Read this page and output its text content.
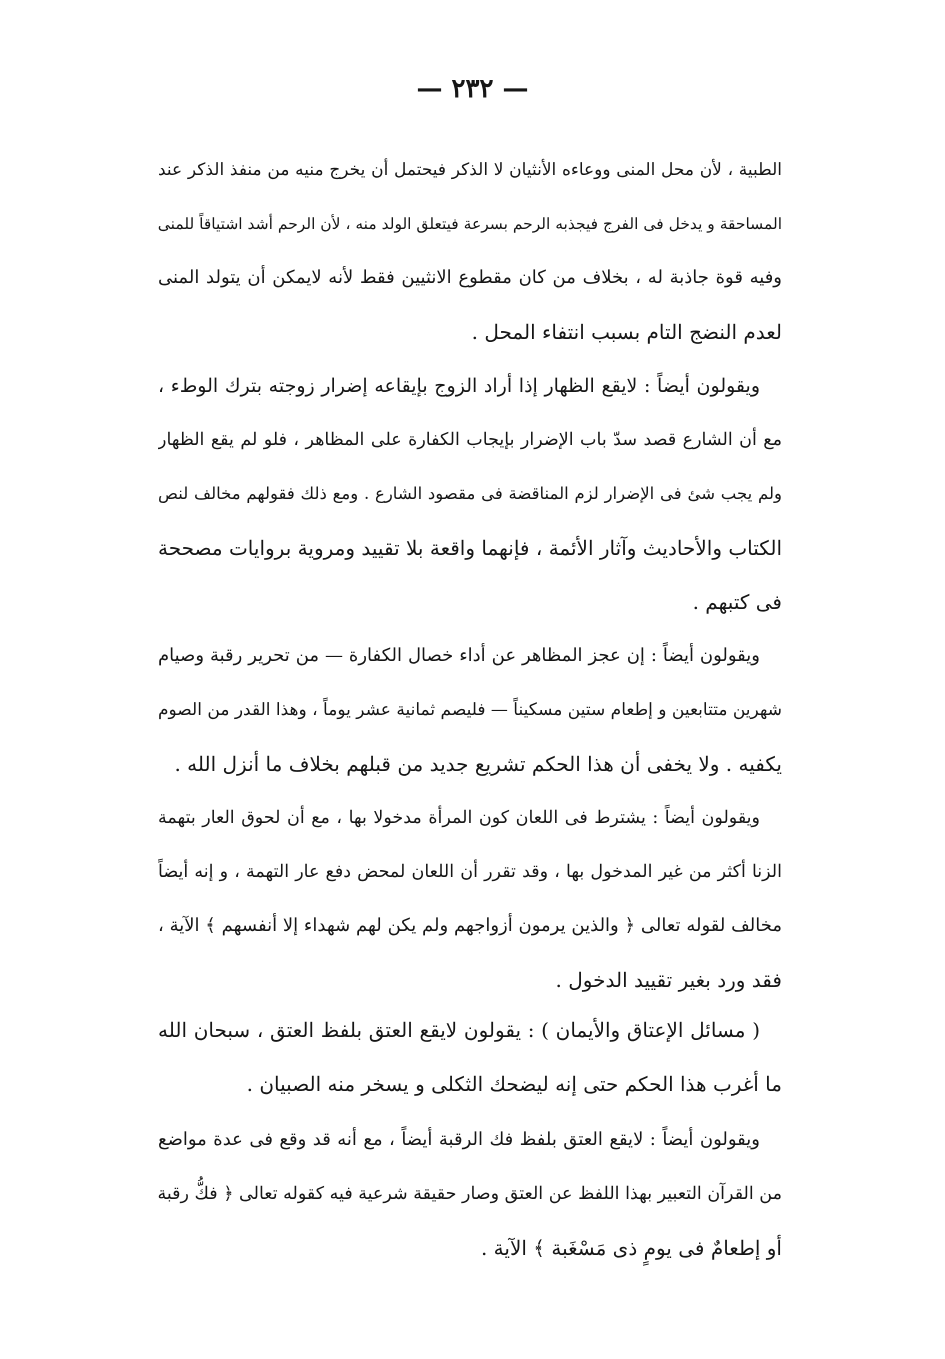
— ٢٣٢ —
الطبية ، لأن محل المنى ووعاءه الأنثيان لا الذكر فيحتمل أن يخرج منيه من منفذ الذكر عند
المساحقة و يدخل فى الفرج فيجذبه الرحم بسرعة فيتعلق الولد منه ، لأن الرحم أشد اشتياقاً للمنى
وفيه قوة جاذبة له ، بخلاف من كان مقطوع الانثيين فقط لأنه لايمكن أن يتولد المنى
لعدم النضج التام بسبب انتفاء المحل .
ويقولون أيضاً : لايقع الظهار إذا أراد الزوج بإيقاعه إضرار زوجته بترك الوطء ،
مع أن الشارع قصد سدّ باب الإضرار بإيجاب الكفارة على المظاهر ، فلو لم يقع الظهار
ولم يجب شئ فى الإضرار لزم المناقضة فى مقصود الشارع . ومع ذلك فقولهم مخالف لنص
الكتاب والأحاديث وآثار الأئمة ، فإنهما واقعة بلا تقييد ومروية بروايات مصححة
فى كتبهم .
ويقولون أيضاً : إن عجز المظاهر عن أداء خصال الكفارة — من تحرير رقبة وصيام
شهرين متتابعين و إطعام ستين مسكيناً — فليصم ثمانية عشر يوماً ، وهذا القدر من الصوم
يكفيه . ولا يخفى أن هذا الحكم تشريع جديد من قبلهم بخلاف ما أنزل الله .
ويقولون أيضاً : يشترط فى اللعان كون المرأة مدخولا بها ، مع أن لحوق العار بتهمة
الزنا أكثر من غير المدخول بها ، وقد تقرر أن اللعان لمحض دفع عار التهمة ، و إنه أيضاً
مخالف لقوله تعالى ﴿ والذين يرمون أزواجهم ولم يكن لهم شهداء إلا أنفسهم ﴾ الآية ،
فقد ورد بغير تقييد الدخول .
( مسائل الإعتاق والأيمان ) : يقولون لايقع العتق بلفظ العتق ، سبحان الله
ما أغرب هذا الحكم حتى إنه ليضحك الثكلى و يسخر منه الصبيان .
ويقولون أيضاً : لايقع العتق بلفظ فك الرقبة أيضاً ، مع أنه قد وقع فى عدة مواضع
من القرآن التعبير بهذا اللفظ عن العتق وصار حقيقة شرعية فيه كقوله تعالى ﴿ فكُّ رقبة
أو إطعامٌ فى يومٍ ذى مَسْغَبة ﴾ الآية .
